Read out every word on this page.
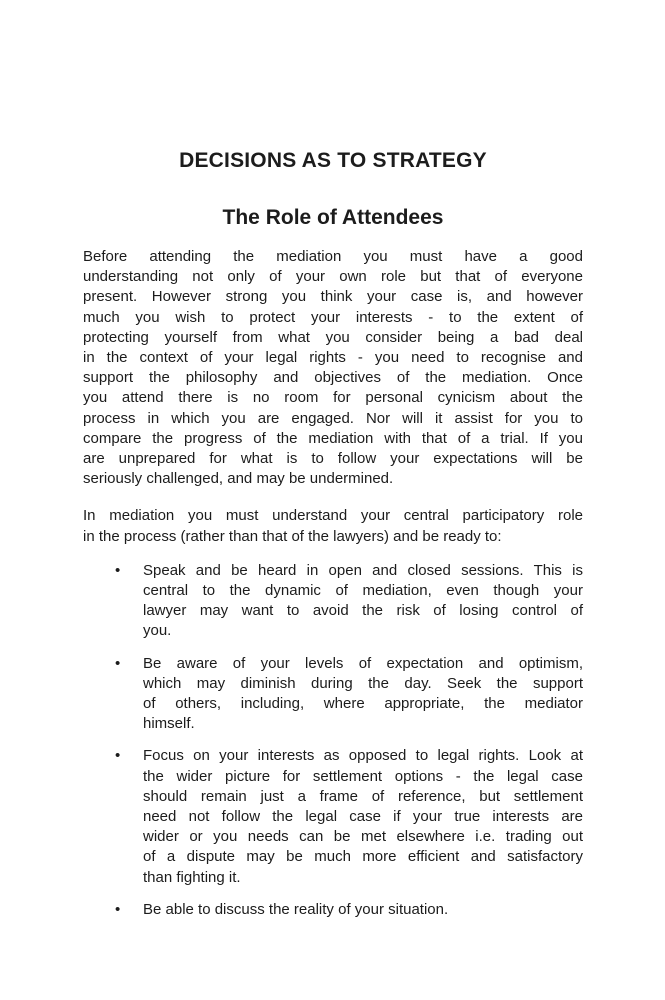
DECISIONS AS TO STRATEGY
The Role of Attendees
Before attending the mediation you must have a good
understanding not only of your own role but that of everyone
present. However strong you think your case is, and however
much you wish to protect your interests - to the extent of
protecting yourself from what you consider being a bad deal
in the context of your legal rights - you need to recognise and
support the philosophy and objectives of the mediation. Once
you attend there is no room for personal cynicism about the
process in which you are engaged. Nor will it assist for you to
compare the progress of the mediation with that of a trial. If you
are unprepared for what is to follow your expectations will be
seriously challenged, and may be undermined.
In mediation you must understand your central participatory role
in the process (rather than that of the lawyers) and be ready to:
•	Speak and be heard in open and closed sessions. This is
central to the dynamic of mediation, even though your
lawyer may want to avoid the risk of losing control of
you.
•	Be aware of your levels of expectation and optimism,
which may diminish during the day. Seek the support
of others, including, where appropriate, the mediator
himself.
•	Focus on your interests as opposed to legal rights. Look at
the wider picture for settlement options - the legal case
should remain just a frame of reference, but settlement
need not follow the legal case if your true interests are
wider or you needs can be met elsewhere i.e. trading out
of a dispute may be much more efficient and satisfactory
than fighting it.
•	Be able to discuss the reality of your situation.
